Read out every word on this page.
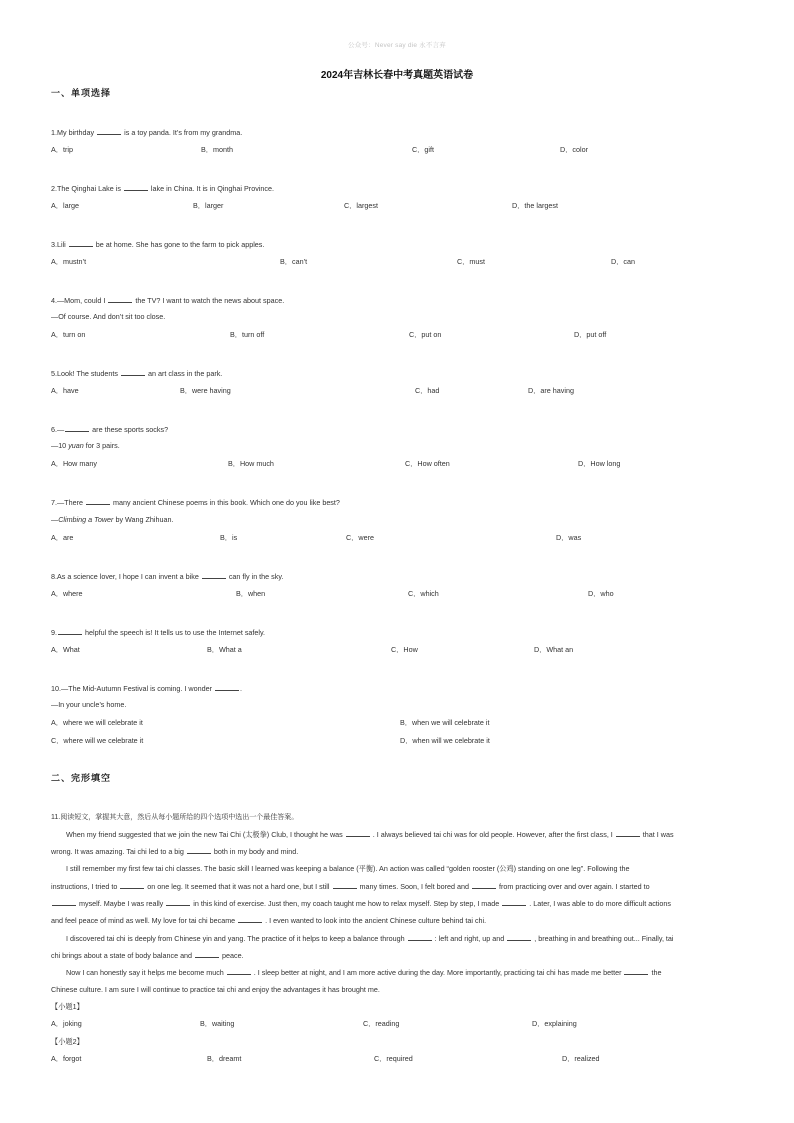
公众号：Never say die 永不言弃
2024年吉林长春中考真题英语试卷
一、单项选择
1.My birthday	is a toy panda. It’s from my grandma.
A．trip	B．month	C．gift	D．color
2.The Qinghai Lake is	lake in China. It is in Qinghai Province.
A．large	B．larger	C．largest	D．the largest
3.Lili	be at home. She has gone to the farm to pick apples.
A．mustn’t	B．can’t	C．must	D．can
4.—Mom, could I	the TV? I want to watch the news about space.
—Of course. And don’t sit too close.
A．turn on	B．turn off	C．put on	D．put off
5.Look! The students	an art class in the park.
A．have	B．were having	C．had	D．are having
6.—	are these sports socks?
—10 yuan for 3 pairs.
A．How many	B．How much	C．How often	D．How long
7.—There	many ancient Chinese poems in this book. Which one do you like best?
—Climbing a Tower by Wang Zhihuan.
A．are	B．is	C．were	D．was
8.As a science lover, I hope I can invent a bike	can fly in the sky.
A．where	B．when	C．which	D．who
9.	helpful the speech is! It tells us to use the Internet safely.
A．What	B．What a	C．How	D．What an
10.—The Mid-Autumn Festival is coming. I wonder	.
—In your uncle’s home.
A．where we will celebrate it	B．when we will celebrate it
C．where will we celebrate it	D．when will we celebrate it
二、完形填空
11.阅读短文，掌握其大意，然后从每小题所给的四个选项中选出一个最佳答案。
When my friend suggested that we join the new Tai Chi (太极拳) Club, I thought he was	. I always believed tai chi was for old people. However, after the first class, I	that I was
wrong. It was amazing. Tai chi led to a big	both in my body and mind.
I still remember my first few tai chi classes. The basic skill I learned was keeping a balance (平衡). An action was called “golden rooster (公鸡) standing on one leg”. Following the
instructions, I tried to	on one leg. It seemed that it was not a hard one, but I still	many times. Soon, I felt bored and	from practicing over and over again. I started to
myself. Maybe I was really	in this kind of exercise. Just then, my coach taught me how to relax myself. Step by step, I made	. Later, I was able to do more difficult actions
and feel peace of mind as well. My love for tai chi became	. I even wanted to look into the ancient Chinese culture behind tai chi.
I discovered tai chi is deeply from Chinese yin and yang. The practice of it helps to keep a balance through	: left and right, up and	, breathing in and breathing out... Finally, tai
chi brings about a state of body balance and	peace.
Now I can honestly say it helps me become much	. I sleep better at night, and I am more active during the day. More importantly, practicing tai chi has made me better	the
Chinese culture. I am sure I will continue to practice tai chi and enjoy the advantages it has brought me.
【小题1】
A．joking	B．waiting	C．reading	D．explaining
【小题2】
A．forgot	B．dreamt	C．required	D．realized
